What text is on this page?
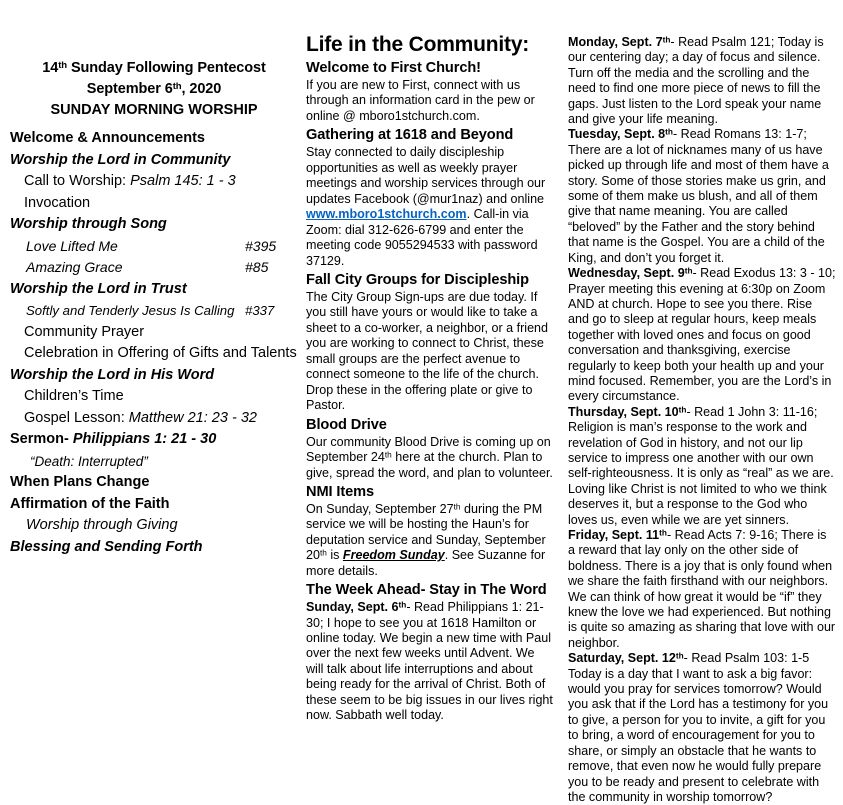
14th Sunday Following Pentecost
September 6th, 2020
SUNDAY MORNING WORSHIP
Welcome & Announcements
Worship the Lord in Community
Call to Worship: Psalm 145: 1 - 3
Invocation
Worship through Song
Love Lifted Me	#395
Amazing Grace	#85
Worship the Lord in Trust
Softly and Tenderly Jesus Is Calling #337
Community Prayer
Celebration in Offering of Gifts and Talents
Worship the Lord in His Word
Children’s Time
Gospel Lesson: Matthew 21: 23 - 32
Sermon- Philippians 1: 21 - 30
“Death: Interrupted”
When Plans Change
Affirmation of the Faith
Worship through Giving
Blessing and Sending Forth
Life in the Community:
Welcome to First Church!

If you are new to First, connect with us through an information card in the pew or online @ mboro1stchurch.com.

Gathering at 1618 and Beyond

Stay connected to daily discipleship opportunities as well as weekly prayer meetings and worship services through our updates Facebook (@mur1naz) and online www.mboro1stchurch.com. Call-in via Zoom: dial 312-626-6799 and enter the meeting code 9055294533 with password 37129.

Fall City Groups for Discipleship

The City Group Sign-ups are due today. If you still have yours or would like to take a sheet to a co-worker, a neighbor, or a friend you are working to connect to Christ, these small groups are the perfect avenue to connect someone to the life of the church. Drop these in the offering plate or give to Pastor.

Blood Drive

Our community Blood Drive is coming up on September 24th here at the church. Plan to give, spread the word, and plan to volunteer.

NMI Items

On Sunday, September 27th during the PM service we will be hosting the Haun’s for deputation service and Sunday, September 20th is Freedom Sunday. See Suzanne for more details.

The Week Ahead- Stay in The Word

Sunday, Sept. 6th- Read Philippians 1: 21-30; I hope to see you at 1618 Hamilton or online today. We begin a new time with Paul over the next few weeks until Advent. We will talk about life interruptions and about being ready for the arrival of Christ. Both of these seem to be big issues in our lives right now. Sabbath well today.

Monday, Sept. 7th- Read Psalm 121; Today is our centering day; a day of focus and silence. Turn off the media and the scrolling and the need to find one more piece of news to fill the gaps. Just listen to the Lord speak your name and give your life meaning.

Tuesday, Sept. 8th- Read Romans 13: 1-7; There are a lot of nicknames many of us have picked up through life and most of them have a story. Some of those stories make us grin, and some of them make us blush, and all of them give that name meaning. You are called “beloved” by the Father and the story behind that name is the Gospel. You are a child of the King, and don’t you forget it.

Wednesday, Sept. 9th- Read Exodus 13: 3 - 10; Prayer meeting this evening at 6:30p on Zoom AND at church. Hope to see you there. Rise and go to sleep at regular hours, keep meals together with loved ones and focus on good conversation and thanksgiving, exercise regularly to keep both your health up and your mind focused. Remember, you are the Lord’s in every circumstance.

Thursday, Sept. 10th- Read 1 John 3: 11-16; Religion is man’s response to the work and revelation of God in history, and not our lip service to impress one another with our own self-righteousness. It is only as “real” as we are. Loving like Christ is not limited to who we think deserves it, but a response to the God who loves us, even while we are yet sinners.

Friday, Sept. 11th- Read Acts 7: 9-16; There is a reward that lay only on the other side of boldness. There is a joy that is only found when we share the faith firsthand with our neighbors. We can think of how great it would be “if” they knew the love we had experienced. But nothing is quite so amazing as sharing that love with our neighbor.

Saturday, Sept. 12th- Read Psalm 103: 1-5 Today is a day that I want to ask a big favor: would you pray for services tomorrow? Would you ask that if the Lord has a testimony for you to give, a person for you to invite, a gift for you to bring, a word of encouragement for you to share, or simply an obstacle that he wants to remove, that even now he would fully prepare you to be ready and present to celebrate with the community in worship tomorrow?
